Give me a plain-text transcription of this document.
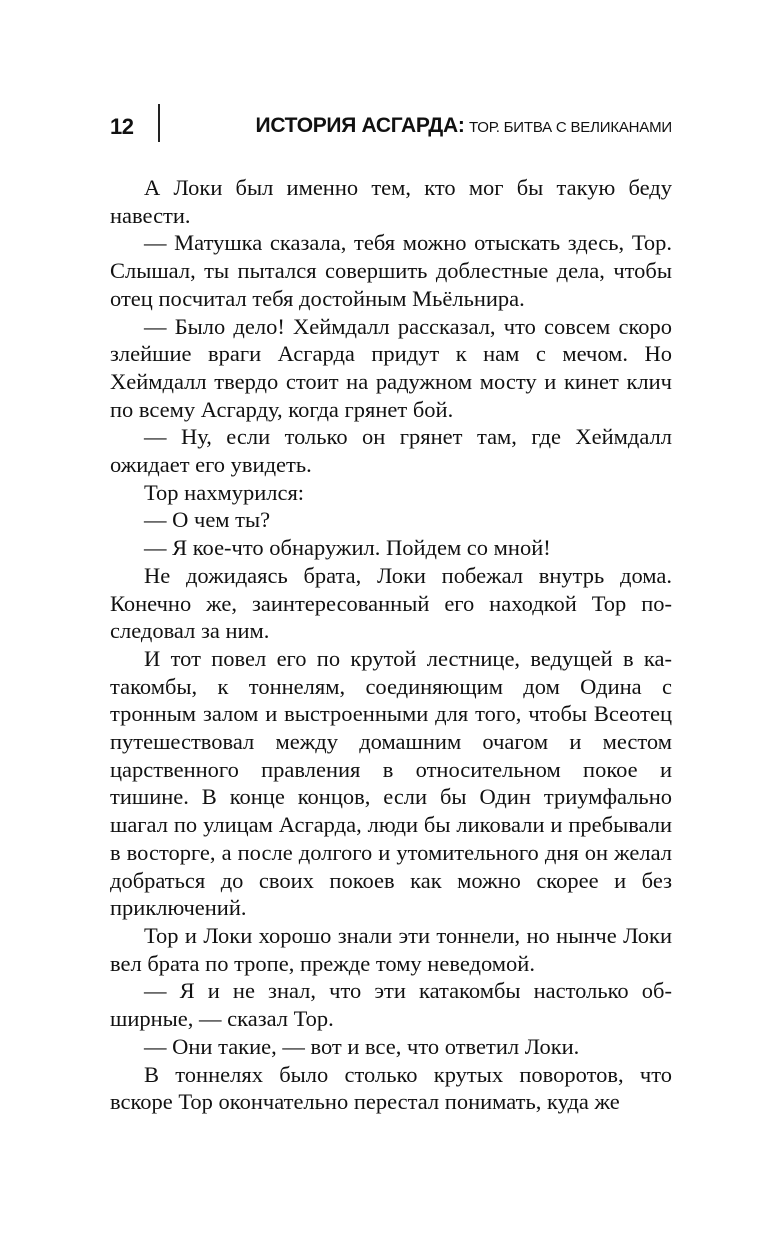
12	ИСТОРИЯ АСГАРДА: ТОР. БИТВА С ВЕЛИКАНАМИ

А Локи был именно тем, кто мог бы такую беду навести.

— Матушка сказала, тебя можно отыскать здесь, Тор. Слышал, ты пытался совершить доблестные дела, чтобы отец посчитал тебя достойным Мьёльнира.

— Было дело! Хеймдалл рассказал, что совсем скоро злейшие враги Асгарда придут к нам с мечом. Но Хеймдалл твердо стоит на радужном мосту и кинет клич по всему Асгарду, когда грянет бой.

— Ну, если только он грянет там, где Хеймдалл ожидает его увидеть.

Тор нахмурился:

— О чем ты?

— Я кое-что обнаружил. Пойдем со мной!

Не дожидаясь брата, Локи побежал внутрь дома. Конечно же, заинтересованный его находкой Тор последовал за ним.

И тот повел его по крутой лестнице, ведущей в катакомбы, к тоннелям, соединяющим дом Одина с тронным залом и выстроенными для того, чтобы Всеотец путешествовал между домашним очагом и местом царственного правления в относительном покое и тишине. В конце концов, если бы Один триумфально шагал по улицам Асгарда, люди бы ликовали и пребывали в восторге, а после долгого и утомительного дня он желал добраться до своих покоев как можно скорее и без приключений.

Тор и Локи хорошо знали эти тоннели, но нынче Локи вел брата по тропе, прежде тому неведомой.

— Я и не знал, что эти катакомбы настолько обширные, — сказал Тор.

— Они такие, — вот и все, что ответил Локи.

В тоннелях было столько крутых поворотов, что вскоре Тор окончательно перестал понимать, куда же
